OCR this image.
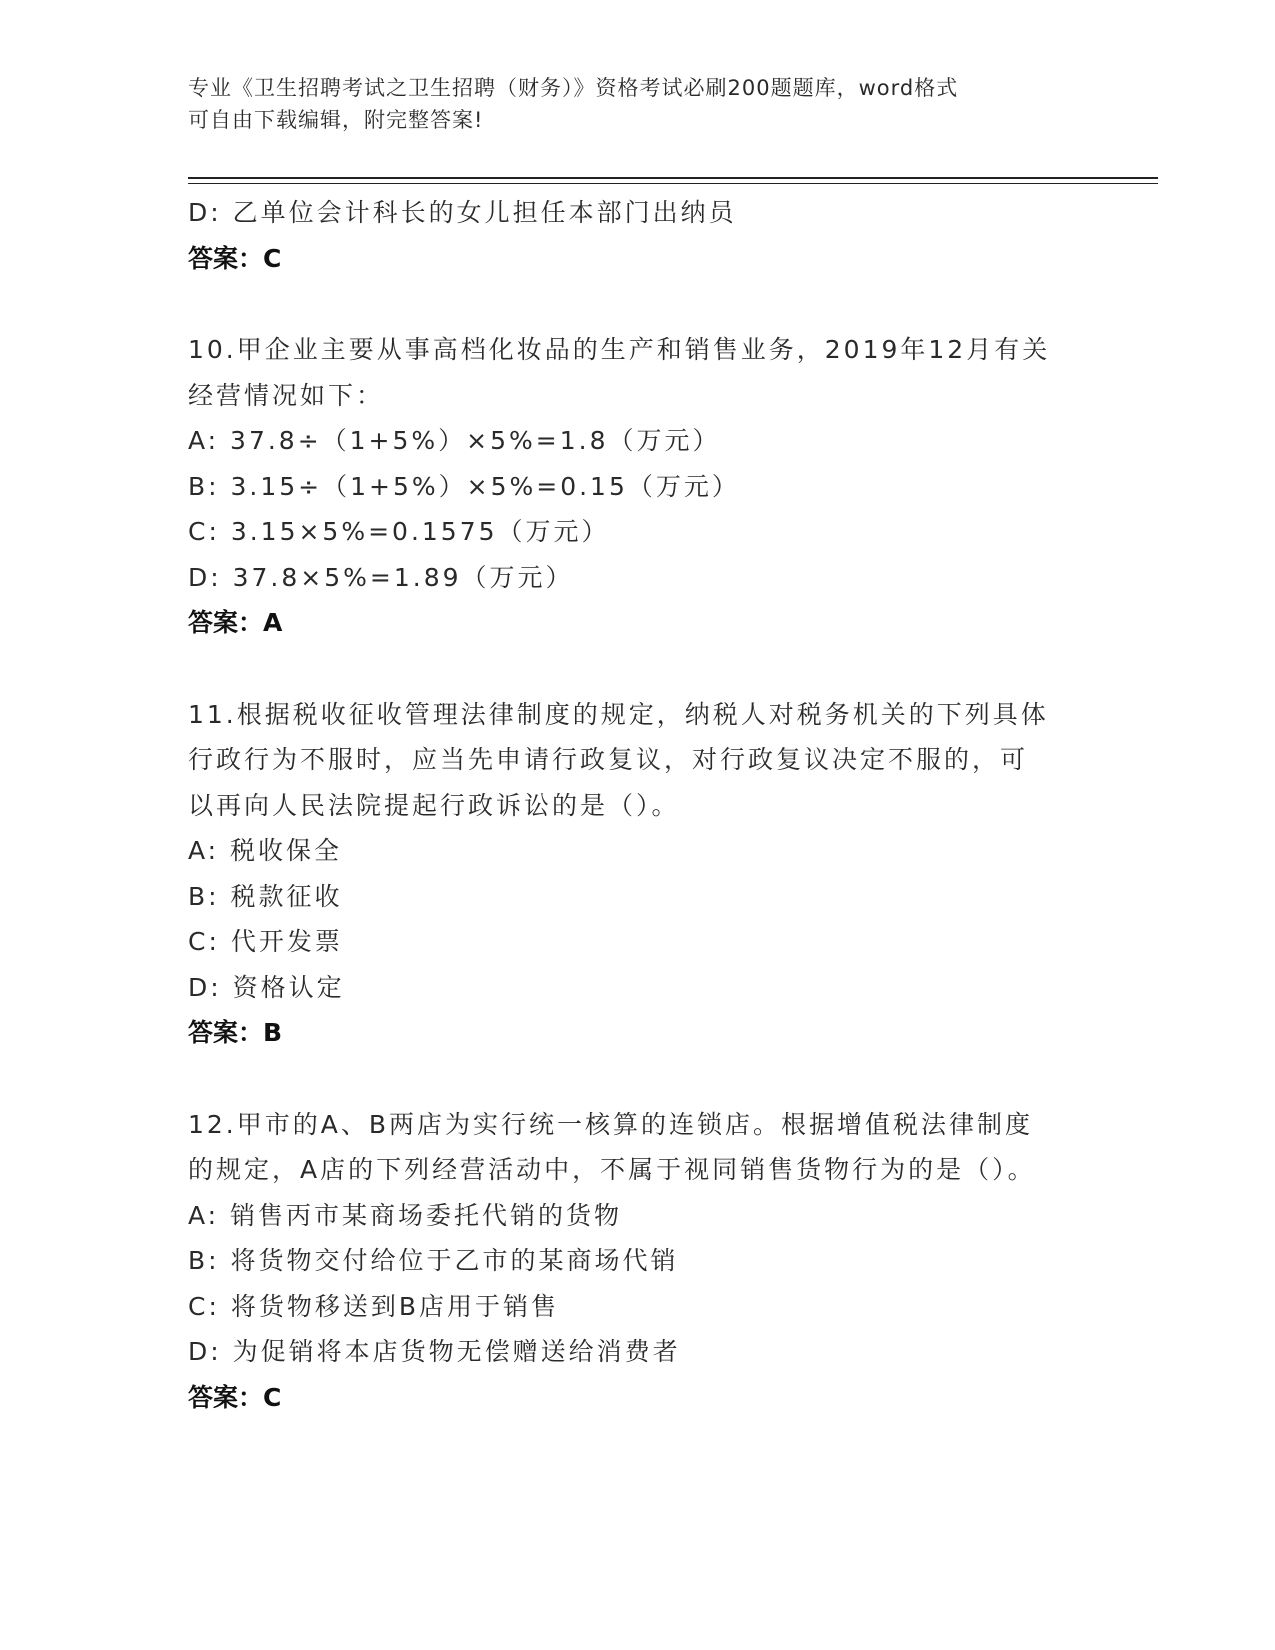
专业《卫生招聘考试之卫生招聘（财务）》资格考试必刷200题题库，word格式
可自由下载编辑，附完整答案!
D: 乙单位会计科长的女儿担任本部门出纳员
答案：C
10.甲企业主要从事高档化妆品的生产和销售业务，2019年12月有关
经营情况如下：
A: 37.8÷（1+5%）×5%=1.8（万元）
B: 3.15÷（1+5%）×5%=0.15（万元）
C: 3.15×5%=0.1575（万元）
D: 37.8×5%=1.89（万元）
答案：A
11.根据税收征收管理法律制度的规定，纳税人对税务机关的下列具体
行政行为不服时，应当先申请行政复议，对行政复议决定不服的，可
以再向人民法院提起行政诉讼的是（）。
A: 税收保全
B: 税款征收
C: 代开发票
D: 资格认定
答案：B
12.甲市的A、B两店为实行统一核算的连锁店。根据增值税法律制度
的规定，A店的下列经营活动中，不属于视同销售货物行为的是（）。
A: 销售丙市某商场委托代销的货物
B: 将货物交付给位于乙市的某商场代销
C: 将货物移送到B店用于销售
D: 为促销将本店货物无偿赠送给消费者
答案：C
